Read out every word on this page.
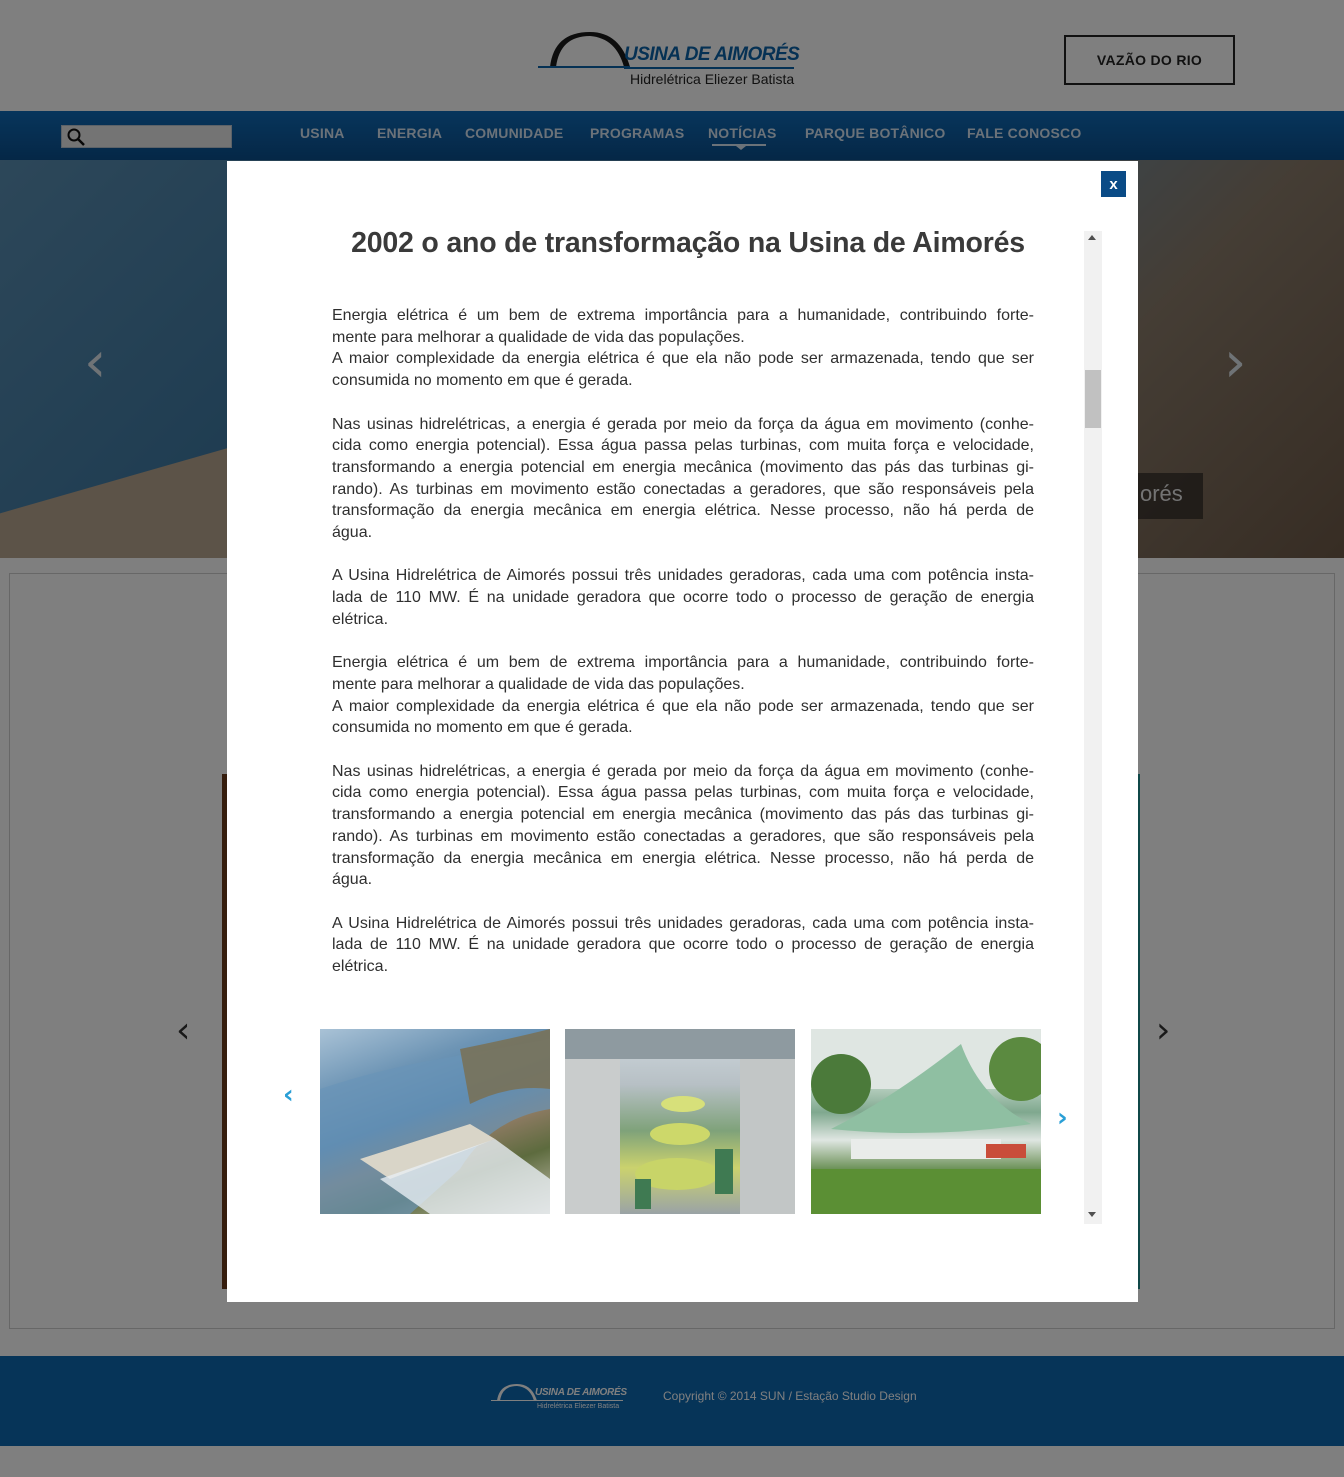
x
2002 o ano de transformação na Usina de Aimorés
Energia elétrica é um bem de extrema importância para a humanidade, contribuindo forte-
mente para melhorar a qualidade de vida das populações.
A maior complexidade da energia elétrica é que ela não pode ser armazenada, tendo que ser
consumida no momento em que é gerada.
Nas usinas hidrelétricas, a energia é gerada por meio da força da água em movimento (conhe-
cida como energia potencial). Essa água passa pelas turbinas, com muita força e velocidade,
transformando a energia potencial em energia mecânica (movimento das pás das turbinas gi-
rando). As turbinas em movimento estão conectadas a geradores, que são responsáveis pela
transformação da energia mecânica em energia elétrica. Nesse processo, não há perda de
água.
A Usina Hidrelétrica de Aimorés possui três unidades geradoras, cada uma com potência insta-
lada de 110 MW. É na unidade geradora que ocorre todo o processo de geração de energia
elétrica.
Energia elétrica é um bem de extrema importância para a humanidade, contribuindo forte-
mente para melhorar a qualidade de vida das populações.
A maior complexidade da energia elétrica é que ela não pode ser armazenada, tendo que ser
consumida no momento em que é gerada.
Nas usinas hidrelétricas, a energia é gerada por meio da força da água em movimento (conhe-
cida como energia potencial). Essa água passa pelas turbinas, com muita força e velocidade,
transformando a energia potencial em energia mecânica (movimento das pás das turbinas gi-
rando). As turbinas em movimento estão conectadas a geradores, que são responsáveis pela
transformação da energia mecânica em energia elétrica. Nesse processo, não há perda de
água.
A Usina Hidrelétrica de Aimorés possui três unidades geradoras, cada uma com potência insta-
lada de 110 MW. É na unidade geradora que ocorre todo o processo de geração de energia
elétrica.
‹
›
